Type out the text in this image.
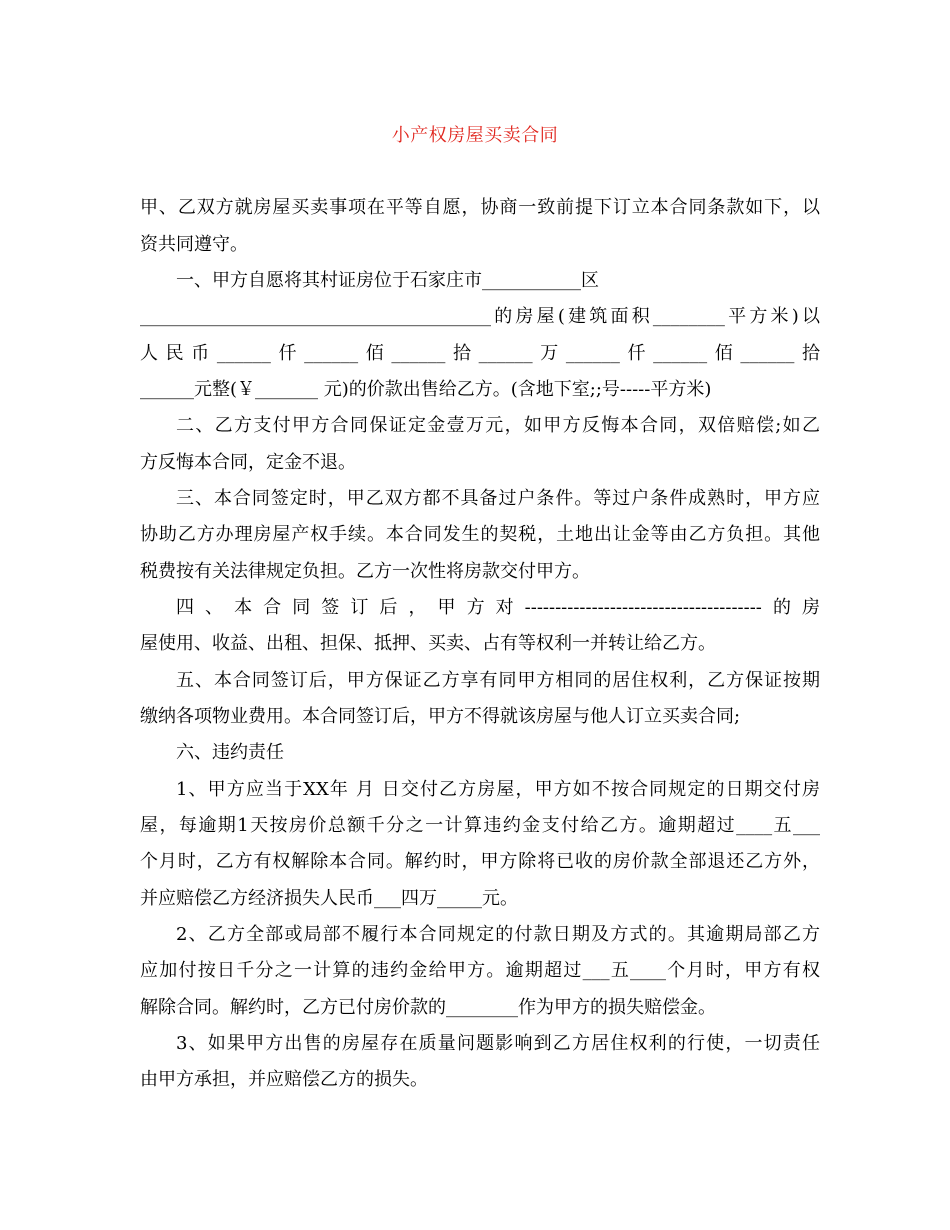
小产权房屋买卖合同
甲、乙双方就房屋买卖事项在平等自愿，协商一致前提下订立本合同条款如下，以
资共同遵守。
一、甲方自愿将其村证房位于石家庄市___________区
_______________________________________的房屋(建筑面积________平方米)以
人民币______仟______佰______拾______万______仟______佰______拾
______元整(￥_______ 元)的价款出售给乙方。(含地下室;;号-----平方米)
二、乙方支付甲方合同保证定金壹万元，如甲方反悔本合同，双倍赔偿;如乙
方反悔本合同，定金不退。
三、本合同签定时，甲乙双方都不具备过户条件。等过户条件成熟时，甲方应
协助乙方办理房屋产权手续。本合同发生的契税，土地出让金等由乙方负担。其他
税费按有关法律规定负担。乙方一次性将房款交付甲方。
四、本合同签订后，甲方对---------------------------------------的房
屋使用、收益、出租、担保、抵押、买卖、占有等权利一并转让给乙方。
五、本合同签订后，甲方保证乙方享有同甲方相同的居住权利，乙方保证按期
缴纳各项物业费用。本合同签订后，甲方不得就该房屋与他人订立买卖合同;
六、违约责任
1、甲方应当于XX年 月 日交付乙方房屋，甲方如不按合同规定的日期交付房
屋，每逾期1天按房价总额千分之一计算违约金支付给乙方。逾期超过____五___
个月时，乙方有权解除本合同。解约时，甲方除将已收的房价款全部退还乙方外，
并应赔偿乙方经济损失人民币___四万_____元。
2、乙方全部或局部不履行本合同规定的付款日期及方式的。其逾期局部乙方
应加付按日千分之一计算的违约金给甲方。逾期超过___五____个月时，甲方有权
解除合同。解约时，乙方已付房价款的________作为甲方的损失赔偿金。
3、如果甲方出售的房屋存在质量问题影响到乙方居住权利的行使，一切责任
由甲方承担，并应赔偿乙方的损失。
